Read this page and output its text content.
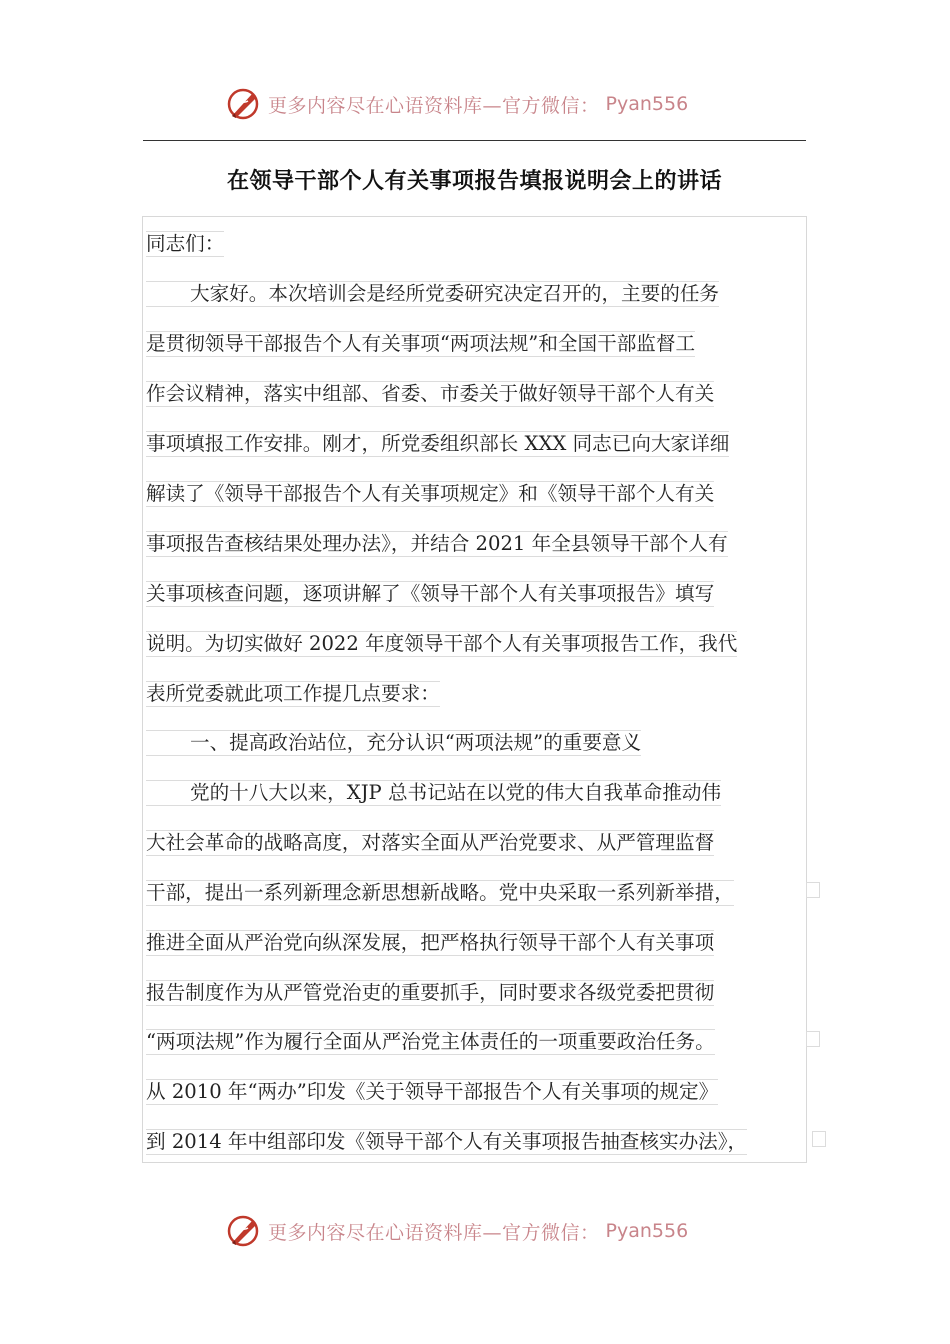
更多内容尽在心语资料库—官方微信： Pyan556
在领导干部个人有关事项报告填报说明会上的讲话
同志们：
大家好。本次培训会是经所党委研究决定召开的，主要的任务
是贯彻领导干部报告个人有关事项“两项法规”和全国干部监督工
作会议精神，落实中组部、省委、市委关于做好领导干部个人有关
事项填报工作安排。刚才，所党委组织部长 XXX 同志已向大家详细
解读了《领导干部报告个人有关事项规定》和《领导干部个人有关
事项报告查核结果处理办法》，并结合 2021 年全县领导干部个人有
关事项核查问题，逐项讲解了《领导干部个人有关事项报告》填写
说明。为切实做好 2022 年度领导干部个人有关事项报告工作，我代
表所党委就此项工作提几点要求：
一、提高政治站位，充分认识“两项法规”的重要意义
党的十八大以来，XJP 总书记站在以党的伟大自我革命推动伟
大社会革命的战略高度，对落实全面从严治党要求、从严管理监督
干部，提出一系列新理念新思想新战略。党中央采取一系列新举措，
推进全面从严治党向纵深发展，把严格执行领导干部个人有关事项
报告制度作为从严管党治吏的重要抓手，同时要求各级党委把贯彻
“两项法规”作为履行全面从严治党主体责任的一项重要政治任务。
从 2010 年“两办”印发《关于领导干部报告个人有关事项的规定》
到 2014 年中组部印发《领导干部个人有关事项报告抽查核实办法》，
更多内容尽在心语资料库—官方微信： Pyan556
